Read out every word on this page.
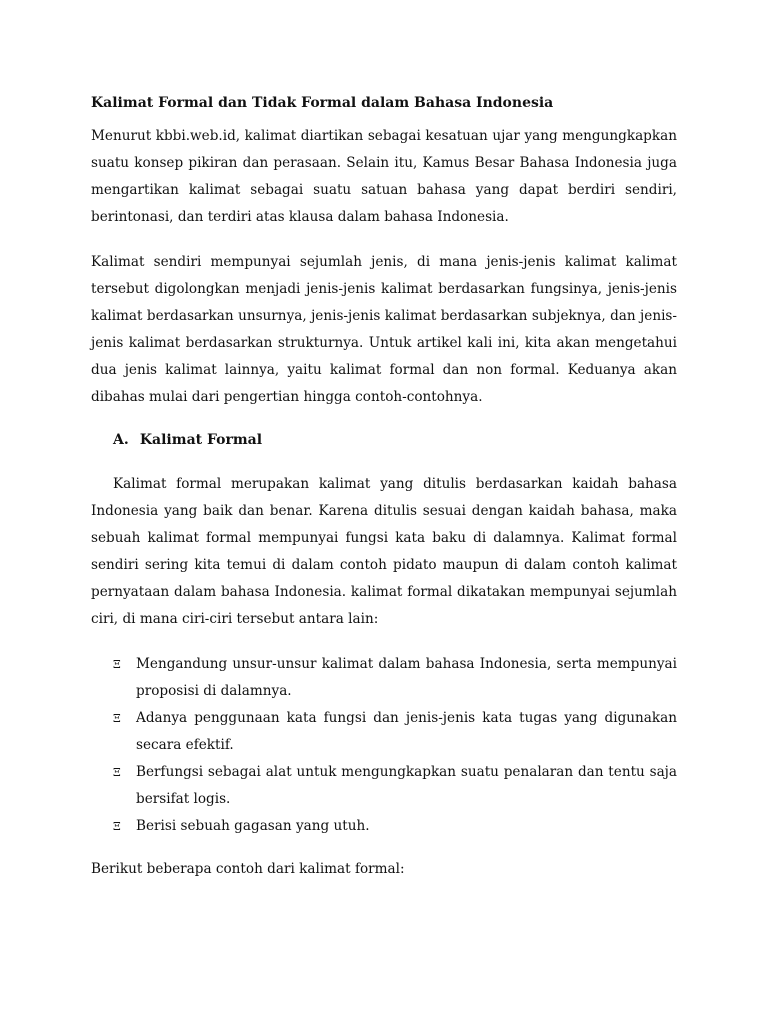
Kalimat Formal dan Tidak Formal dalam Bahasa Indonesia

Menurut kbbi.web.id, kalimat diartikan sebagai kesatuan ujar yang mengungkapkan suatu konsep pikiran dan perasaan. Selain itu, Kamus Besar Bahasa Indonesia juga mengartikan kalimat sebagai suatu satuan bahasa yang dapat berdiri sendiri, berintonasi, dan terdiri atas klausa dalam bahasa Indonesia.

Kalimat sendiri mempunyai sejumlah jenis, di mana jenis-jenis kalimat kalimat tersebut digolongkan menjadi jenis-jenis kalimat berdasarkan fungsinya, jenis-jenis kalimat berdasarkan unsurnya, jenis-jenis kalimat berdasarkan subjeknya, dan jenis-jenis kalimat berdasarkan strukturnya. Untuk artikel kali ini, kita akan mengetahui dua jenis kalimat lainnya, yaitu kalimat formal dan non formal. Keduanya akan dibahas mulai dari pengertian hingga contoh-contohnya.

A. Kalimat Formal

Kalimat formal merupakan kalimat yang ditulis berdasarkan kaidah bahasa Indonesia yang baik dan benar. Karena ditulis sesuai dengan kaidah bahasa, maka sebuah kalimat formal mempunyai fungsi kata baku di dalamnya. Kalimat formal sendiri sering kita temui di dalam contoh pidato maupun di dalam contoh kalimat pernyataan dalam bahasa Indonesia. kalimat formal dikatakan mempunyai sejumlah ciri, di mana ciri-ciri tersebut antara lain:

Ξ	Mengandung unsur-unsur kalimat dalam bahasa Indonesia, serta mempunyai proposisi di dalamnya.
Ξ	Adanya penggunaan kata fungsi dan jenis-jenis kata tugas yang digunakan secara efektif.
Ξ	Berfungsi sebagai alat untuk mengungkapkan suatu penalaran dan tentu saja bersifat logis.
Ξ	Berisi sebuah gagasan yang utuh.

Berikut beberapa contoh dari kalimat formal:
